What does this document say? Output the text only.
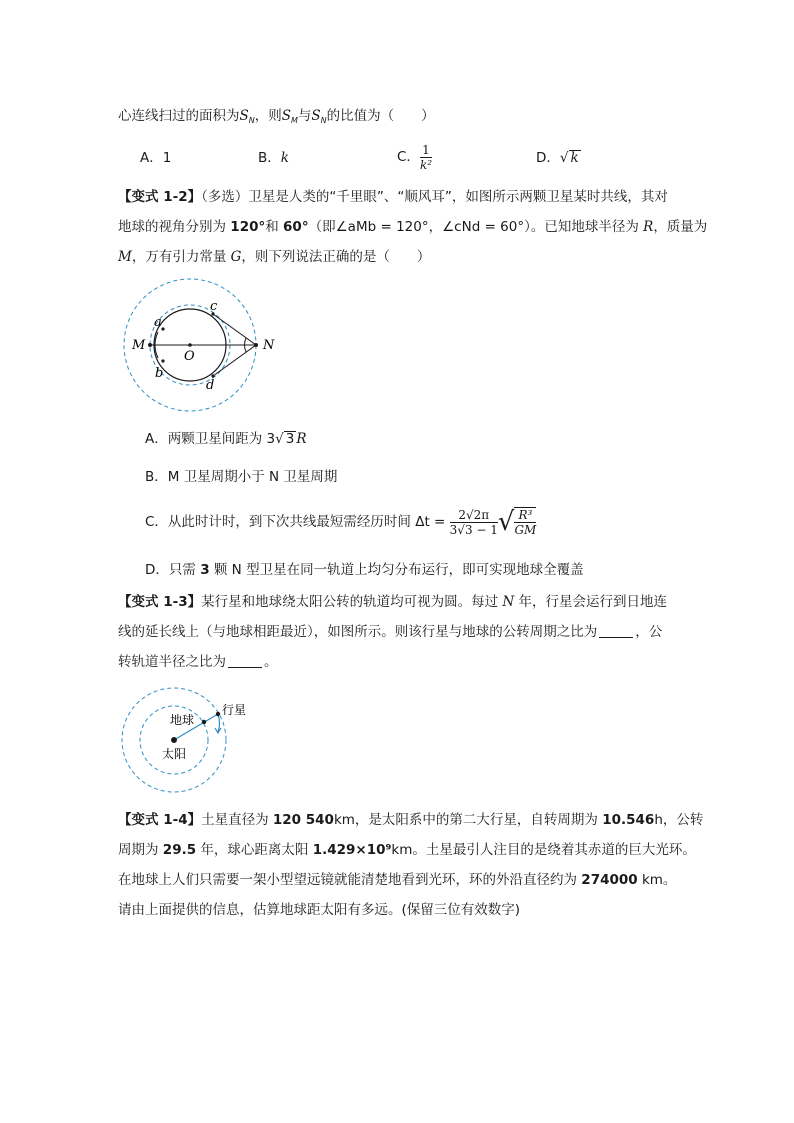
心连线扫过的面积为$S_N$，则$S_M$与$S_N$的比值为（　　）
A．1	B．k	C． $\frac{1}{\text{k²}}$	D．√ k
【变式 1-2】（多选）卫星是人类的“千里眼”、“顺风耳”，如图所示两颗卫星某时共线，其对
地球的视角分别为 120°和 60°（即∠aMb = 120°，∠cNd = 60°）。已知地球半径为 R，质量为
M，万有引力常量 G，则下列说法正确的是（　　）
M
O
N
a
b
c
d
A．两颗卫星间距为 3√ 3 R
B．M 卫星周期小于 N 卫星周期
C．从此时计时，到下次共线最短需经历时间 $\Delta t = \frac{2√2\pi}{3√3 - 1}$ √ $\frac{\text{R³}}{GM}$
D．只需 3 颗 N 型卫星在同一轨道上均匀分布运行，即可实现地球全覆盖
【变式 1-3】某行星和地球绕太阳公转的轨道均可视为圆。每过 N 年，行星会运行到日地连
线的延长线上（与地球相距最近），如图所示。则该行星与地球的公转周期之比为	，公
转轨道半径之比为	。
行星
地球
太阳
【变式 1-4】土星直径为 120 540km，是太阳系中的第二大行星，自转周期为 10.546h，公转
周期为 29.5 年，球心距离太阳 1.429×10⁹km。土星最引人注目的是绕着其赤道的巨大光环。
在地球上人们只需要一架小型望远镜就能清楚地看到光环，环的外沿直径约为 274000 km。
请由上面提供的信息，估算地球距太阳有多远。(保留三位有效数字)
